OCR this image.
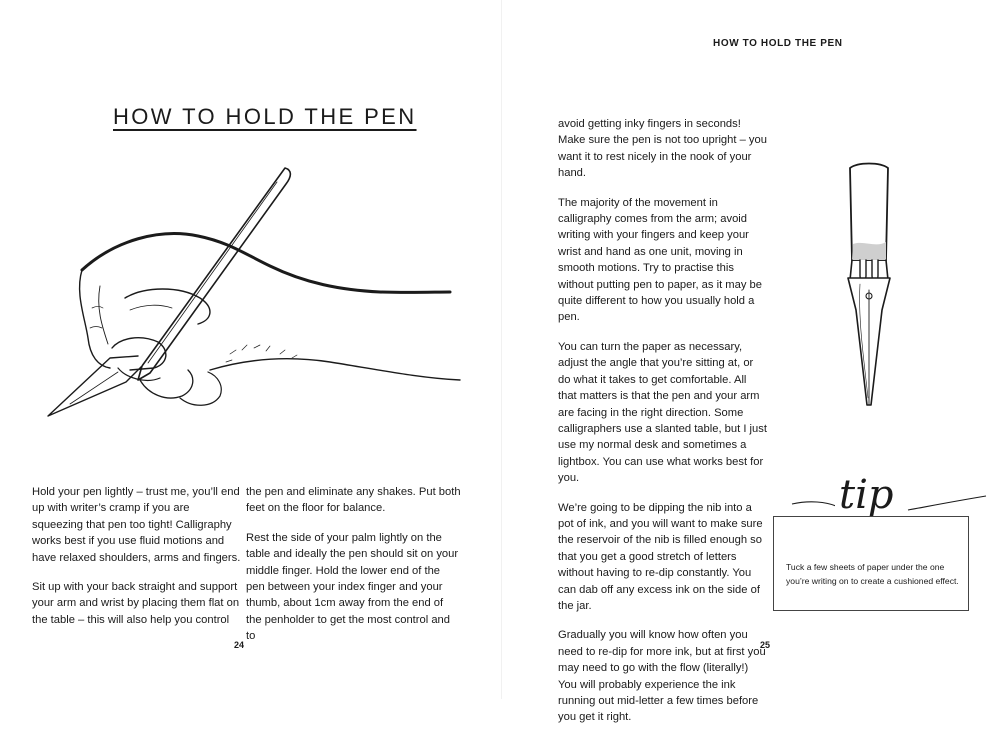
HOW TO HOLD THE PEN

Hold your pen lightly – trust me, you’ll end up with writer’s cramp if you are squeezing that pen too tight! Calligraphy works best if you use fluid motions and have relaxed shoulders, arms and fingers.

Sit up with your back straight and support your arm and wrist by placing them flat on the table – this will also help you control

the pen and eliminate any shakes. Put both feet on the floor for balance.

Rest the side of your palm lightly on the table and ideally the pen should sit on your middle finger. Hold the lower end of the pen between your index finger and your thumb, about 1cm away from the end of the penholder to get the most control and to

24
HOW TO HOLD THE PEN

avoid getting inky fingers in seconds! Make sure the pen is not too upright – you want it to rest nicely in the nook of your hand.

The majority of the movement in calligraphy comes from the arm; avoid writing with your fingers and keep your wrist and hand as one unit, moving in smooth motions. Try to practise this without putting pen to paper, as it may be quite different to how you usually hold a pen.

You can turn the paper as necessary, adjust the angle that you’re sitting at, or do what it takes to get comfortable. All that matters is that the pen and your arm are facing in the right direction. Some calligraphers use a slanted table, but I just use my normal desk and sometimes a lightbox. You can use what works best for you.

We’re going to be dipping the nib into a pot of ink, and you will want to make sure the reservoir of the nib is filled enough so that you get a good stretch of letters without having to re-dip constantly. You can dab off any excess ink on the side of the jar.

Gradually you will know how often you need to re-dip for more ink, but at first you may need to go with the flow (literally!) You will probably experience the ink running out mid-letter a few times before you get it right.

tip
Tuck a few sheets of paper under the one you’re writing on to create a cushioned effect.
25
